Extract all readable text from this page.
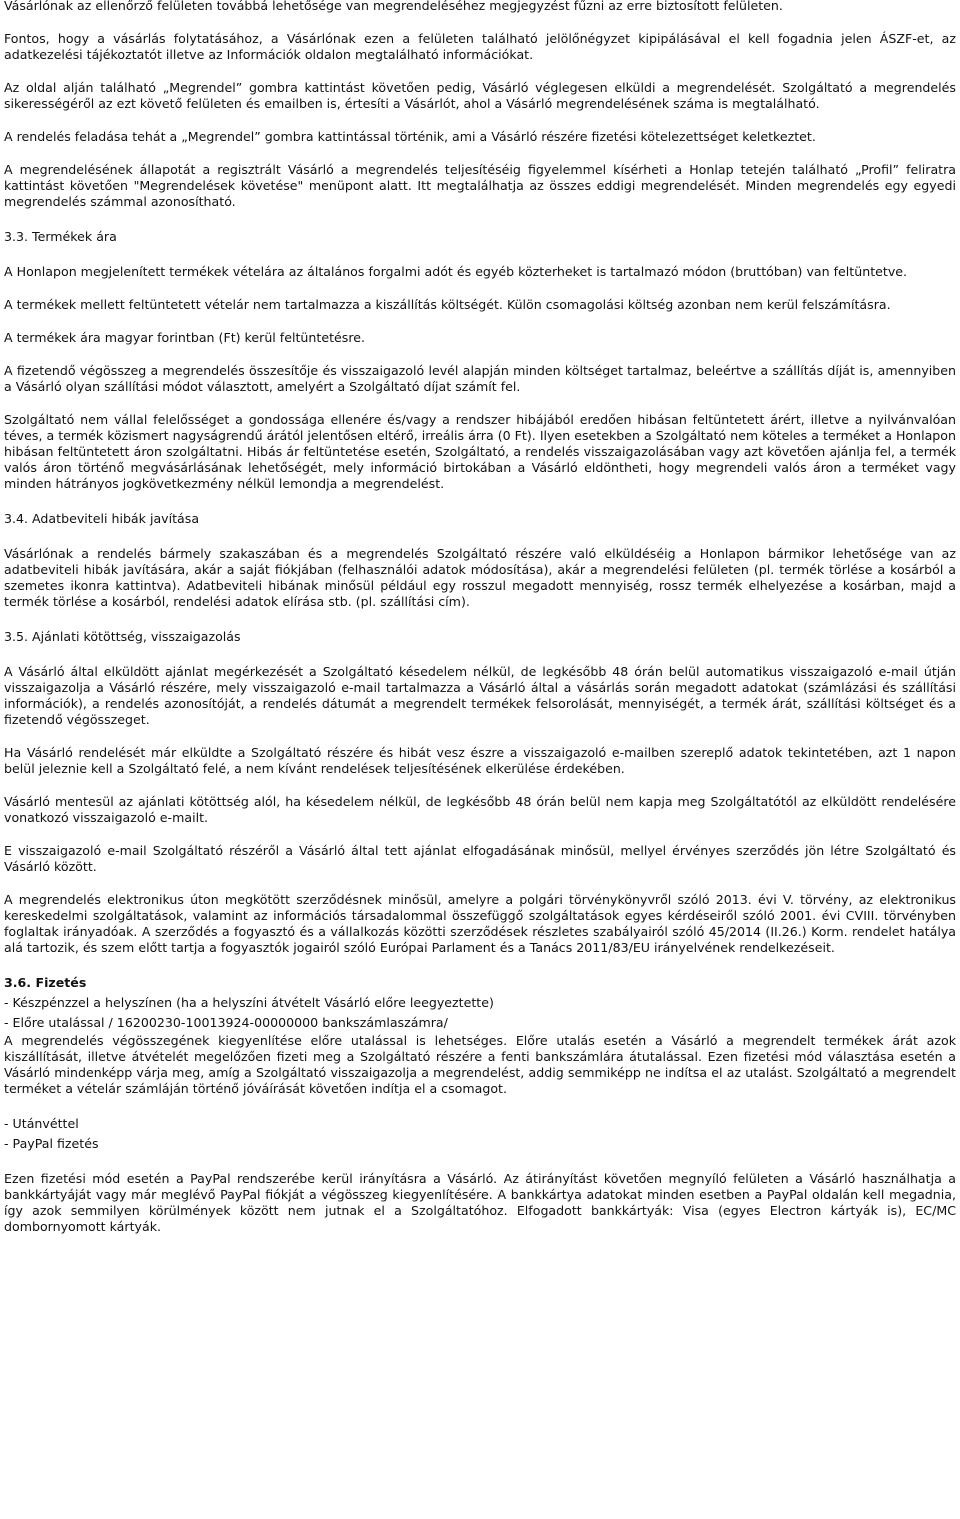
Vásárlónak az ellenőrző felületen továbbá lehetősége van megrendeléséhez megjegyzést fűzni az erre biztosított felületen.

Fontos, hogy a vásárlás folytatásához, a Vásárlónak ezen a felületen található jelölőnégyzet kipipálásával el kell fogadnia jelen ÁSZF-et, az adatkezelési tájékoztatót illetve az Információk oldalon megtalálható információkat.

Az oldal alján található „Megrendel” gombra kattintást követően pedig, Vásárló véglegesen elküldi a megrendelését. Szolgáltató a megrendelés sikerességéről az ezt követő felületen és emailben is, értesíti a Vásárlót, ahol a Vásárló megrendelésének száma is megtalálható.

A rendelés feladása tehát a „Megrendel” gombra kattintással történik, ami a Vásárló részére fizetési kötelezettséget keletkeztet.

A megrendelésének állapotát a regisztrált Vásárló a megrendelés teljesítéséig figyelemmel kísérheti a Honlap tetején található „Profil” feliratra kattintást követően "Megrendelések követése" menüpont alatt. Itt megtalálhatja az összes eddigi megrendelését. Minden megrendelés egy egyedi megrendelés számmal azonosítható.

3.3. Termékek ára

A Honlapon megjelenített termékek vételára az általános forgalmi adót és egyéb közterheket is tartalmazó módon (bruttóban) van feltüntetve.

A termékek mellett feltüntetett vételár nem tartalmazza a kiszállítás költségét. Külön csomagolási költség azonban nem kerül felszámításra.

A termékek ára magyar forintban (Ft) kerül feltüntetésre.

A fizetendő végösszeg a megrendelés összesítője és visszaigazoló levél alapján minden költséget tartalmaz, beleértve a szállítás díját is, amennyiben a Vásárló olyan szállítási módot választott, amelyért a Szolgáltató díjat számít fel.

Szolgáltató nem vállal felelősséget a gondossága ellenére és/vagy a rendszer hibájából eredően hibásan feltüntetett árért, illetve a nyilvánvalóan téves, a termék közismert nagyságrendű árától jelentősen eltérő, irreális árra (0 Ft). Ilyen esetekben a Szolgáltató nem köteles a terméket a Honlapon hibásan feltüntetett áron szolgáltatni. Hibás ár feltüntetése esetén, Szolgáltató, a rendelés visszaigazolásában vagy azt követően ajánlja fel, a termék valós áron történő megvásárlásának lehetőségét, mely információ birtokában a Vásárló eldöntheti, hogy megrendeli valós áron a terméket vagy minden hátrányos jogkövetkezmény nélkül lemondja a megrendelést.

3.4. Adatbeviteli hibák javítása

Vásárlónak a rendelés bármely szakaszában és a megrendelés Szolgáltató részére való elküldéséig a Honlapon bármikor lehetősége van az adatbeviteli hibák javítására, akár a saját fiókjában (felhasználói adatok módosítása), akár a megrendelési felületen (pl. termék törlése a kosárból a szemetes ikonra kattintva). Adatbeviteli hibának minősül például egy rosszul megadott mennyiség, rossz termék elhelyezése a kosárban, majd a termék törlése a kosárból, rendelési adatok elírása stb. (pl. szállítási cím).

3.5. Ajánlati kötöttség, visszaigazolás

A Vásárló által elküldött ajánlat megérkezését a Szolgáltató késedelem nélkül, de legkésőbb 48 órán belül automatikus visszaigazoló e-mail útján visszaigazolja a Vásárló részére, mely visszaigazoló e-mail tartalmazza a Vásárló által a vásárlás során megadott adatokat (számlázási és szállítási információk), a rendelés azonosítóját, a rendelés dátumát a megrendelt termékek felsorolását, mennyiségét, a termék árát, szállítási költséget és a fizetendő végösszeget.

Ha Vásárló rendelését már elküldte a Szolgáltató részére és hibát vesz észre a visszaigazoló e-mailben szereplő adatok tekintetében, azt 1 napon belül jeleznie kell a Szolgáltató felé, a nem kívánt rendelések teljesítésének elkerülése érdekében.

Vásárló mentesül az ajánlati kötöttség alól, ha késedelem nélkül, de legkésőbb 48 órán belül nem kapja meg Szolgáltatótól az elküldött rendelésére vonatkozó visszaigazoló e-mailt.

E visszaigazoló e-mail Szolgáltató részéről a Vásárló által tett ajánlat elfogadásának minősül, mellyel érvényes szerződés jön létre Szolgáltató és Vásárló között.

A megrendelés elektronikus úton megkötött szerződésnek minősül, amelyre a polgári törvénykönyvről szóló 2013. évi V. törvény, az elektronikus kereskedelmi szolgáltatások, valamint az információs társadalommal összefüggő szolgáltatások egyes kérdéseiről szóló 2001. évi CVIII. törvényben foglaltak irányadóak. A szerződés a fogyasztó és a vállalkozás közötti szerződések részletes szabályairól szóló 45/2014 (II.26.) Korm. rendelet hatálya alá tartozik, és szem előtt tartja a fogyasztók jogairól szóló Európai Parlament és a Tanács 2011/83/EU irányelvének rendelkezéseit.

3.6. Fizetés

- Készpénzzel a helyszínen (ha a helyszíni átvételt Vásárló előre leegyeztette)

- Előre utalással / 16200230-10013924-00000000 bankszámlaszámra/

A megrendelés végösszegének kiegyenlítése előre utalással is lehetséges. Előre utalás esetén a Vásárló a megrendelt termékek árát azok kiszállítását, illetve átvételét megelőzően fizeti meg a Szolgáltató részére a fenti bankszámlára átutalással. Ezen fizetési mód választása esetén a Vásárló mindenképp várja meg, amíg a Szolgáltató visszaigazolja a megrendelést, addig semmiképp ne indítsa el az utalást. Szolgáltató a megrendelt terméket a vételár számláján történő jóváírását követően indítja el a csomagot.

- Utánvéttel

- PayPal fizetés

Ezen fizetési mód esetén a PayPal rendszerébe kerül irányításra a Vásárló. Az átirányítást követően megnyíló felületen a Vásárló használhatja a bankkártyáját vagy már meglévő PayPal fiókját a végösszeg kiegyenlítésére. A bankkártya adatokat minden esetben a PayPal oldalán kell megadnia, így azok semmilyen körülmények között nem jutnak el a Szolgáltatóhoz. Elfogadott bankkártyák: Visa (egyes Electron kártyák is), EC/MC dombornyomott kártyák.
